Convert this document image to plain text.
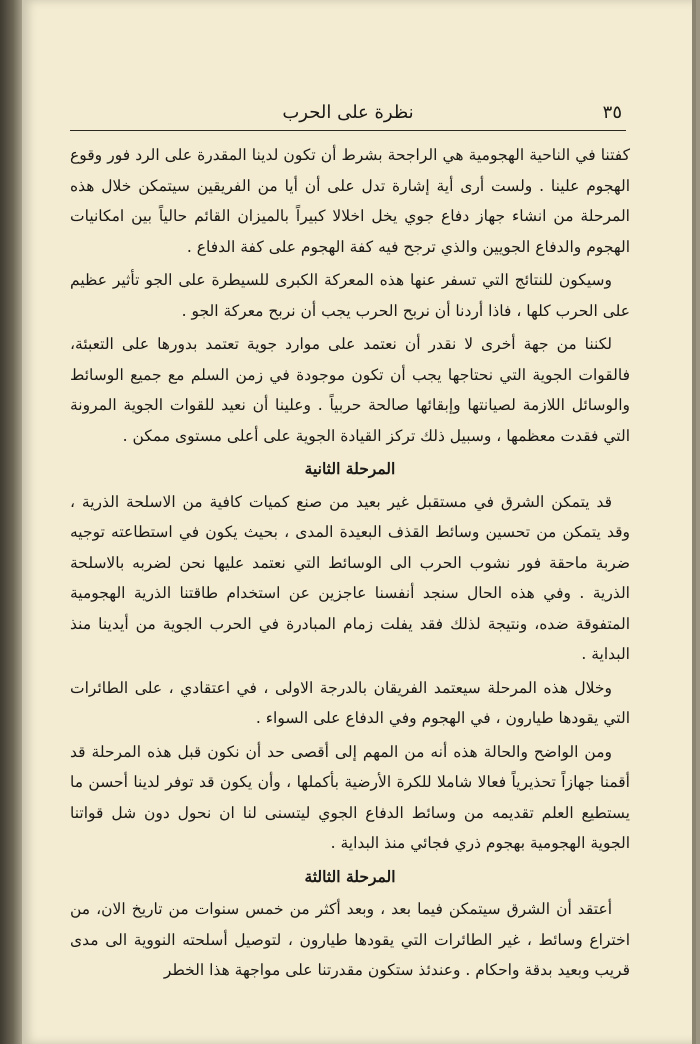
٣٥
نظرة على الحرب

كفتنا في الناحية الهجومية هي الراجحة بشرط أن تكون لدينا المقدرة على الرد فور وقوع الهجوم علينا . ولست أرى أية إشارة تدل على أن أيا من الفريقين سيتمكن خلال هذه المرحلة من انشاء جهاز دفاع جوي يخل اخلالا كبيراً بالميزان القائم حالياً بين امكانيات الهجوم والدفاع الجويين والذي ترجح فيه كفة الهجوم على كفة الدفاع .

وسيكون للنتائج التي تسفر عنها هذه المعركة الكبرى للسيطرة على الجو تأثير عظيم على الحرب كلها ، فاذا أردنا أن نربح الحرب يجب أن نربح معركة الجو .

لكننا من جهة أخرى لا نقدر أن نعتمد على موارد جوية تعتمد بدورها على التعبئة، فالقوات الجوية التي نحتاجها يجب أن تكون موجودة في زمن السلم مع جميع الوسائط والوسائل اللازمة لصيانتها وإبقائها صالحة حربياً . وعلينا أن نعيد للقوات الجوية المرونة التي فقدت معظمها ، وسبيل ذلك تركز القيادة الجوية على أعلى مستوى ممكن .

المرحلة الثانية

قد يتمكن الشرق في مستقبل غير بعيد من صنع كميات كافية من الاسلحة الذرية ، وقد يتمكن من تحسين وسائط القذف البعيدة المدى ، بحيث يكون في استطاعته توجيه ضربة ماحقة فور نشوب الحرب الى الوسائط التي نعتمد عليها نحن لضربه بالاسلحة الذرية . وفي هذه الحال سنجد أنفسنا عاجزين عن استخدام طاقتنا الذرية الهجومية المتفوقة ضده، ونتيجة لذلك فقد يفلت زمام المبادرة في الحرب الجوية من أيدينا منذ البداية .

وخلال هذه المرحلة سيعتمد الفريقان بالدرجة الاولى ، في اعتقادي ، على الطائرات التي يقودها طيارون ، في الهجوم وفي الدفاع على السواء .

ومن الواضح والحالة هذه أنه من المهم إلى أقصى حد أن نكون قبل هذه المرحلة قد أقمنا جهازاً تحذيرياً فعالا شاملا للكرة الأرضية بأكملها ، وأن يكون قد توفر لدينا أحسن ما يستطيع العلم تقديمه من وسائط الدفاع الجوي ليتسنى لنا ان نحول دون شل قواتنا الجوية الهجومية بهجوم ذري فجائي منذ البداية .

المرحلة الثالثة

أعتقد أن الشرق سيتمكن فيما بعد ، وبعد أكثر من خمس سنوات من تاريخ الان، من اختراع وسائط ، غير الطائرات التي يقودها طيارون ، لتوصيل أسلحته النووية الى مدى قريب وبعيد بدقة واحكام . وعندئذ ستكون مقدرتنا على مواجهة هذا الخطر
